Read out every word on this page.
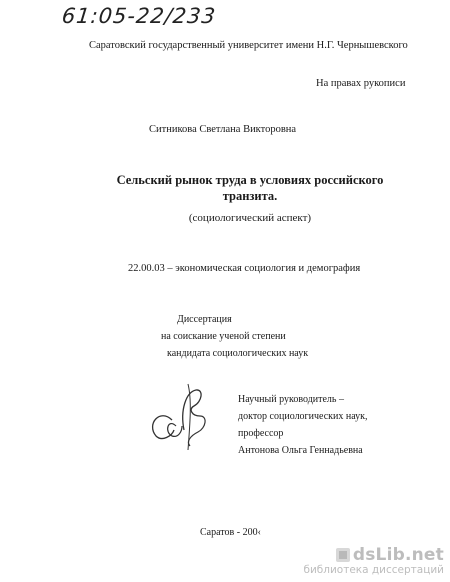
61:05-22/233
Саратовский государственный университет имени Н.Г. Чернышевского
На правах рукописи
Ситникова Светлана Викторовна
Сельский рынок труда в условиях российского транзита.
(социологический аспект)
22.00.03 – экономическая социология и демография
Диссертация
на соискание ученой степени
кандидата социологических наук
Научный руководитель –
доктор социологических наук,
профессор
Антонова Ольга Геннадьевна
Саратов - 200‹
dsLib.net
библиотека диссертаций
